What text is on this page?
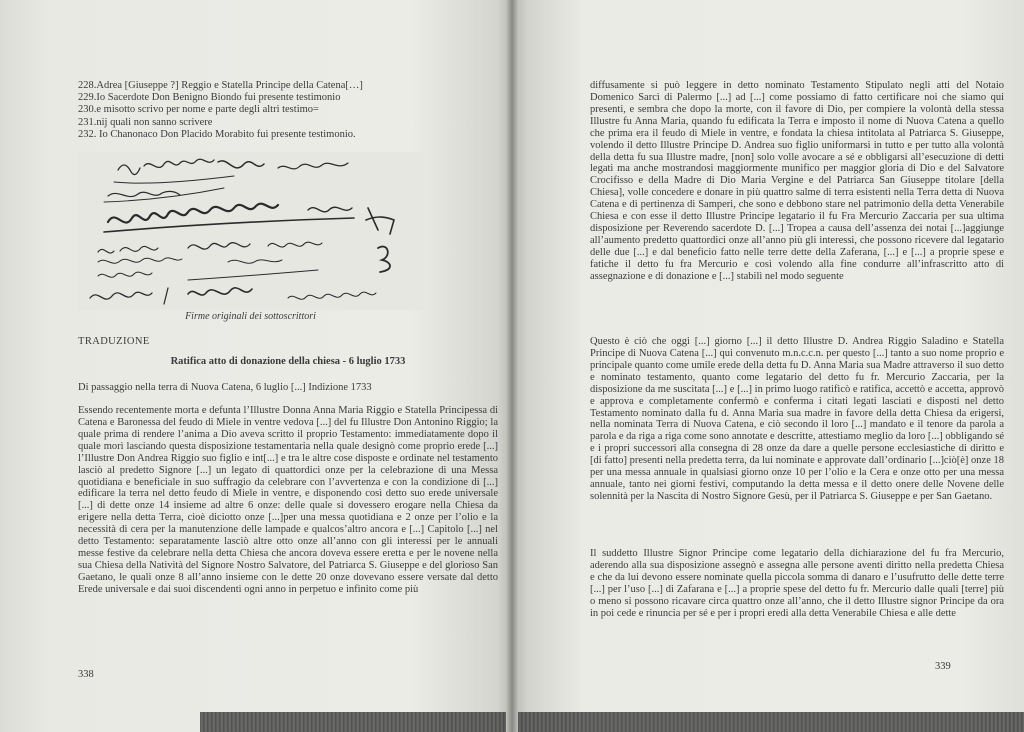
228.Adrea [Giuseppe ?] Reggio e Statella Principe della Catena[…]
229.Io Sacerdote Don Benigno Biondo fui presente testimonio
230.e misotto scrivo per nome e parte degli altri testimo=
231.nij quali non sanno scrivere
232. Io Chanonaco Don Placido Morabito fui presente testimonio.
Firme originali dei sottoscrittori
TRADUZIONE
Ratifica atto di donazione della chiesa - 6 luglio 1733
Di passaggio nella terra di Nuova Catena, 6 luglio [...] Indizione 1733

Essendo recentemente morta e defunta l’Illustre Donna Anna Maria Riggio e Statella Principessa di Catena e Baronessa del feudo di Miele in ventre vedova [...] del fu Illustre Don Antonino Riggio; la quale prima di rendere l’anima a Dio aveva scritto il proprio Testamento: immediatamente dopo il quale morì lasciando questa disposizione testamentaria nella quale designò come proprio erede [...] l’Illustre Don Andrea Riggio suo figlio e int[...] e tra le altre cose disposte e ordinate nel testamento lasciò al predetto Signore [...] un legato di quattordici onze per la celebrazione di una Messa quotidiana e beneficiale in suo suffragio da celebrare con l’avvertenza e con la condizione di [...] edificare la terra nel detto feudo di Miele in ventre, e disponendo così detto suo erede universale [...] di dette onze 14 insieme ad altre 6 onze: delle quale si dovessero erogare nella Chiesa da erigere nella detta Terra, cioè diciotto onze [...]per una messa quotidiana e 2 onze per l’olio e la necessità di cera per la manutenzione delle lampade e qualcos’altro ancora e [...] Capitolo [...] nel detto Testamento: separatamente lasciò altre otto onze all’anno con gli interessi per le annuali messe festive da celebrare nella detta Chiesa che ancora doveva essere eretta e per le novene nella sua Chiesa della Natività del Signore Nostro Salvatore, del Patriarca S. Giuseppe e del glorioso San Gaetano, le quali onze 8 all’anno insieme con le dette 20 onze dovevano essere versate dal detto Erede universale e dai suoi discendenti ogni anno in perpetuo e infinito come più

338

diffusamente si può leggere in detto nominato Testamento Stipulato negli atti del Notaio Domenico Sarcì di Palermo [...] ad [...] come possiamo di fatto certificare noi che siamo qui presenti, e sembra che dopo la morte, con il favore di Dio, per compiere la volontà della stessa Illustre fu Anna Maria, quando fu edificata la Terra e imposto il nome di Nuova Catena a quello che prima era il feudo di Miele in ventre, e fondata la chiesa intitolata al Patriarca S. Giuseppe, volendo il detto Illustre Principe D. Andrea suo figlio uniformarsi in tutto e per tutto alla volontà della detta fu sua Illustre madre, [non] solo volle avocare a sé e obbligarsi all’esecuzione di detti legati ma anche mostrandosi maggiormente munifico per maggior gloria di Dio e del Salvatore Crocifisso e della Madre di Dio Maria Vergine e del Patriarca San Giuseppe titolare [della Chiesa], volle concedere e donare in più quattro salme di terra esistenti nella Terra detta di Nuova Catena e di pertinenza di Samperi, che sono e debbono stare nel patrimonio della detta Venerabile Chiesa e con esse il detto Illustre Principe legatario il fu Fra Mercurio Zaccaria per sua ultima disposizione per Reverendo sacerdote D. [...] Tropea a causa dell’assenza dei notai [...]aggiunge all’aumento predetto quattordici onze all’anno più gli interessi, che possono ricevere dal legatario delle due [...] e dal beneficio fatto nelle terre dette della Zaferana, [...] e [...] a proprie spese e fatiche il detto fu fra Mercurio e così volendo alla fine condurre all’infrascritto atto di assegnazione e di donazione e [...] stabilì nel modo seguente

Questo è ciò che oggi [...] giorno [...] il detto Illustre D. Andrea Riggio Saladino e Statella Principe di Nuova Catena [...] qui convenuto m.n.c.c.n. per questo [...] tanto a suo nome proprio e principale quanto come umile erede della detta fu D. Anna Maria sua Madre attraverso il suo detto e nominato testamento, quanto come legatario del detto fu fr. Mercurio Zaccaria, per la disposizione da me suscitata [...] e [...] in primo luogo ratificò e ratifica, accettò e accetta, approvò e approva e completamente confermò e conferma i citati legati lasciati e disposti nel detto Testamento nominato dalla fu d. Anna Maria sua madre in favore della detta Chiesa da erigersi, nella nominata Terra di Nuova Catena, e ciò secondo il loro [...] mandato e il tenore da parola a parola e da riga a riga come sono annotate e descritte, attestiamo meglio da loro [...] obbligando sé e i propri successori alla consegna di 28 onze da dare a quelle persone ecclesiastiche di diritto e [di fatto] presenti nella predetta terra, da lui nominate e approvate dall’ordinario [...]ciò[è] onze 18 per una messa annuale in qualsiasi giorno onze 10 per l’olio e la Cera e onze otto per una messa annuale, tanto nei giorni festivi, computando la detta messa e il detto onere delle Novene delle solennità per la Nascita di Nostro Signore Gesù, per il Patriarca S. Giuseppe e per San Gaetano.

Il suddetto Illustre Signor Principe come legatario della dichiarazione del fu fra Mercurio, aderendo alla sua disposizione assegnò e assegna alle persone aventi diritto nella predetta Chiesa e che da lui devono essere nominate quella piccola somma di danaro e l’usufrutto delle dette terre [...] per l’uso [...] di Zafarana e [...] a proprie spese del detto fu fr. Mercurio dalle quali [terre] più o meno si possono ricavare circa quattro onze all’anno, che il detto Illustre signor Principe da ora in poi cede e rinuncia per sé e per i propri eredi alla detta Venerabile Chiesa e alle dette

339
